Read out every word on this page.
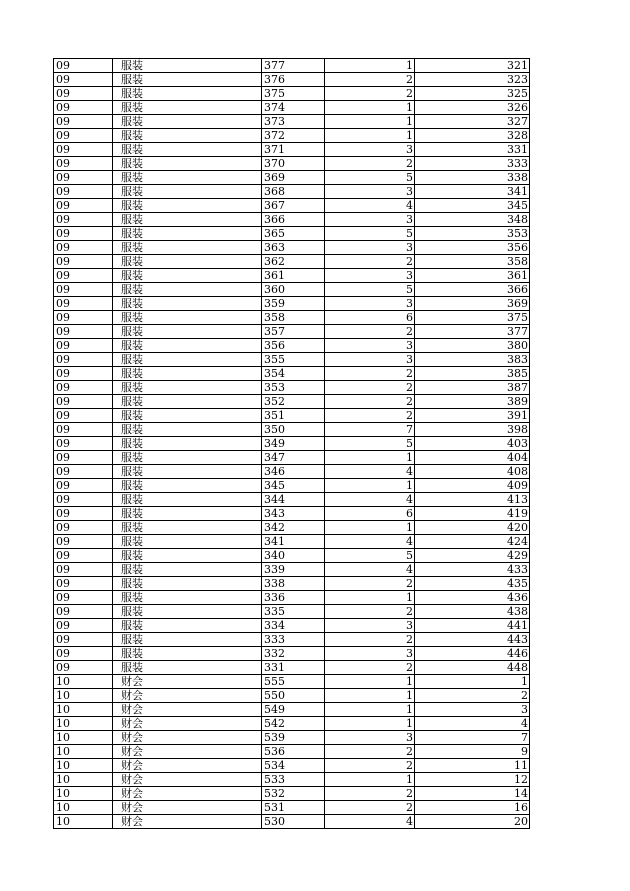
09	服装	377	1	321
09	服装	376	2	323
09	服装	375	2	325
09	服装	374	1	326
09	服装	373	1	327
09	服装	372	1	328
09	服装	371	3	331
09	服装	370	2	333
09	服装	369	5	338
09	服装	368	3	341
09	服装	367	4	345
09	服装	366	3	348
09	服装	365	5	353
09	服装	363	3	356
09	服装	362	2	358
09	服装	361	3	361
09	服装	360	5	366
09	服装	359	3	369
09	服装	358	6	375
09	服装	357	2	377
09	服装	356	3	380
09	服装	355	3	383
09	服装	354	2	385
09	服装	353	2	387
09	服装	352	2	389
09	服装	351	2	391
09	服装	350	7	398
09	服装	349	5	403
09	服装	347	1	404
09	服装	346	4	408
09	服装	345	1	409
09	服装	344	4	413
09	服装	343	6	419
09	服装	342	1	420
09	服装	341	4	424
09	服装	340	5	429
09	服装	339	4	433
09	服装	338	2	435
09	服装	336	1	436
09	服装	335	2	438
09	服装	334	3	441
09	服装	333	2	443
09	服装	332	3	446
09	服装	331	2	448
10	财会	555	1	1
10	财会	550	1	2
10	财会	549	1	3
10	财会	542	1	4
10	财会	539	3	7
10	财会	536	2	9
10	财会	534	2	11
10	财会	533	1	12
10	财会	532	2	14
10	财会	531	2	16
10	财会	530	4	20
